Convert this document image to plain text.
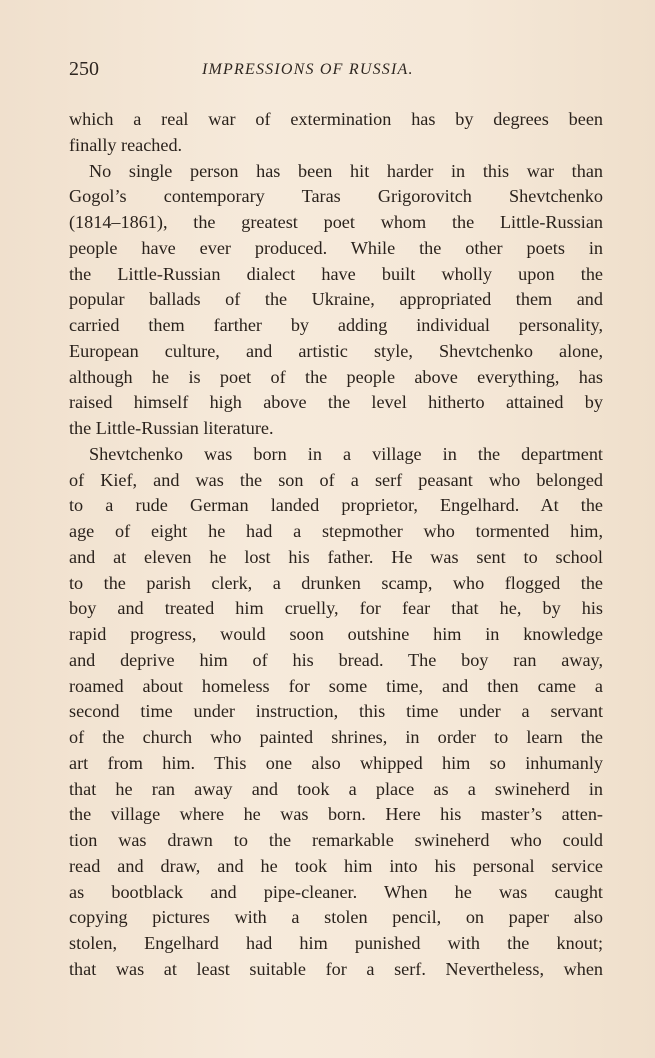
250	IMPRESSIONS OF RUSSIA.
which a real war of extermination has by degrees been
finally reached.
No single person has been hit harder in this war than
Gogol’s contemporary Taras Grigorovitch Shevtchenko
(1814–1861), the greatest poet whom the Little-Russian
people have ever produced. While the other poets in
the Little-Russian dialect have built wholly upon the
popular ballads of the Ukraine, appropriated them and
carried them farther by adding individual personality,
European culture, and artistic style, Shevtchenko alone,
although he is poet of the people above everything, has
raised himself high above the level hitherto attained by
the Little-Russian literature.
Shevtchenko was born in a village in the department
of Kief, and was the son of a serf peasant who belonged
to a rude German landed proprietor, Engelhard. At the
age of eight he had a stepmother who tormented him,
and at eleven he lost his father. He was sent to school
to the parish clerk, a drunken scamp, who flogged the
boy and treated him cruelly, for fear that he, by his
rapid progress, would soon outshine him in knowledge
and deprive him of his bread. The boy ran away,
roamed about homeless for some time, and then came a
second time under instruction, this time under a servant
of the church who painted shrines, in order to learn the
art from him. This one also whipped him so inhumanly
that he ran away and took a place as a swineherd in
the village where he was born. Here his master’s atten-
tion was drawn to the remarkable swineherd who could
read and draw, and he took him into his personal service
as bootblack and pipe-cleaner. When he was caught
copying pictures with a stolen pencil, on paper also
stolen, Engelhard had him punished with the knout;
that was at least suitable for a serf. Nevertheless, when
